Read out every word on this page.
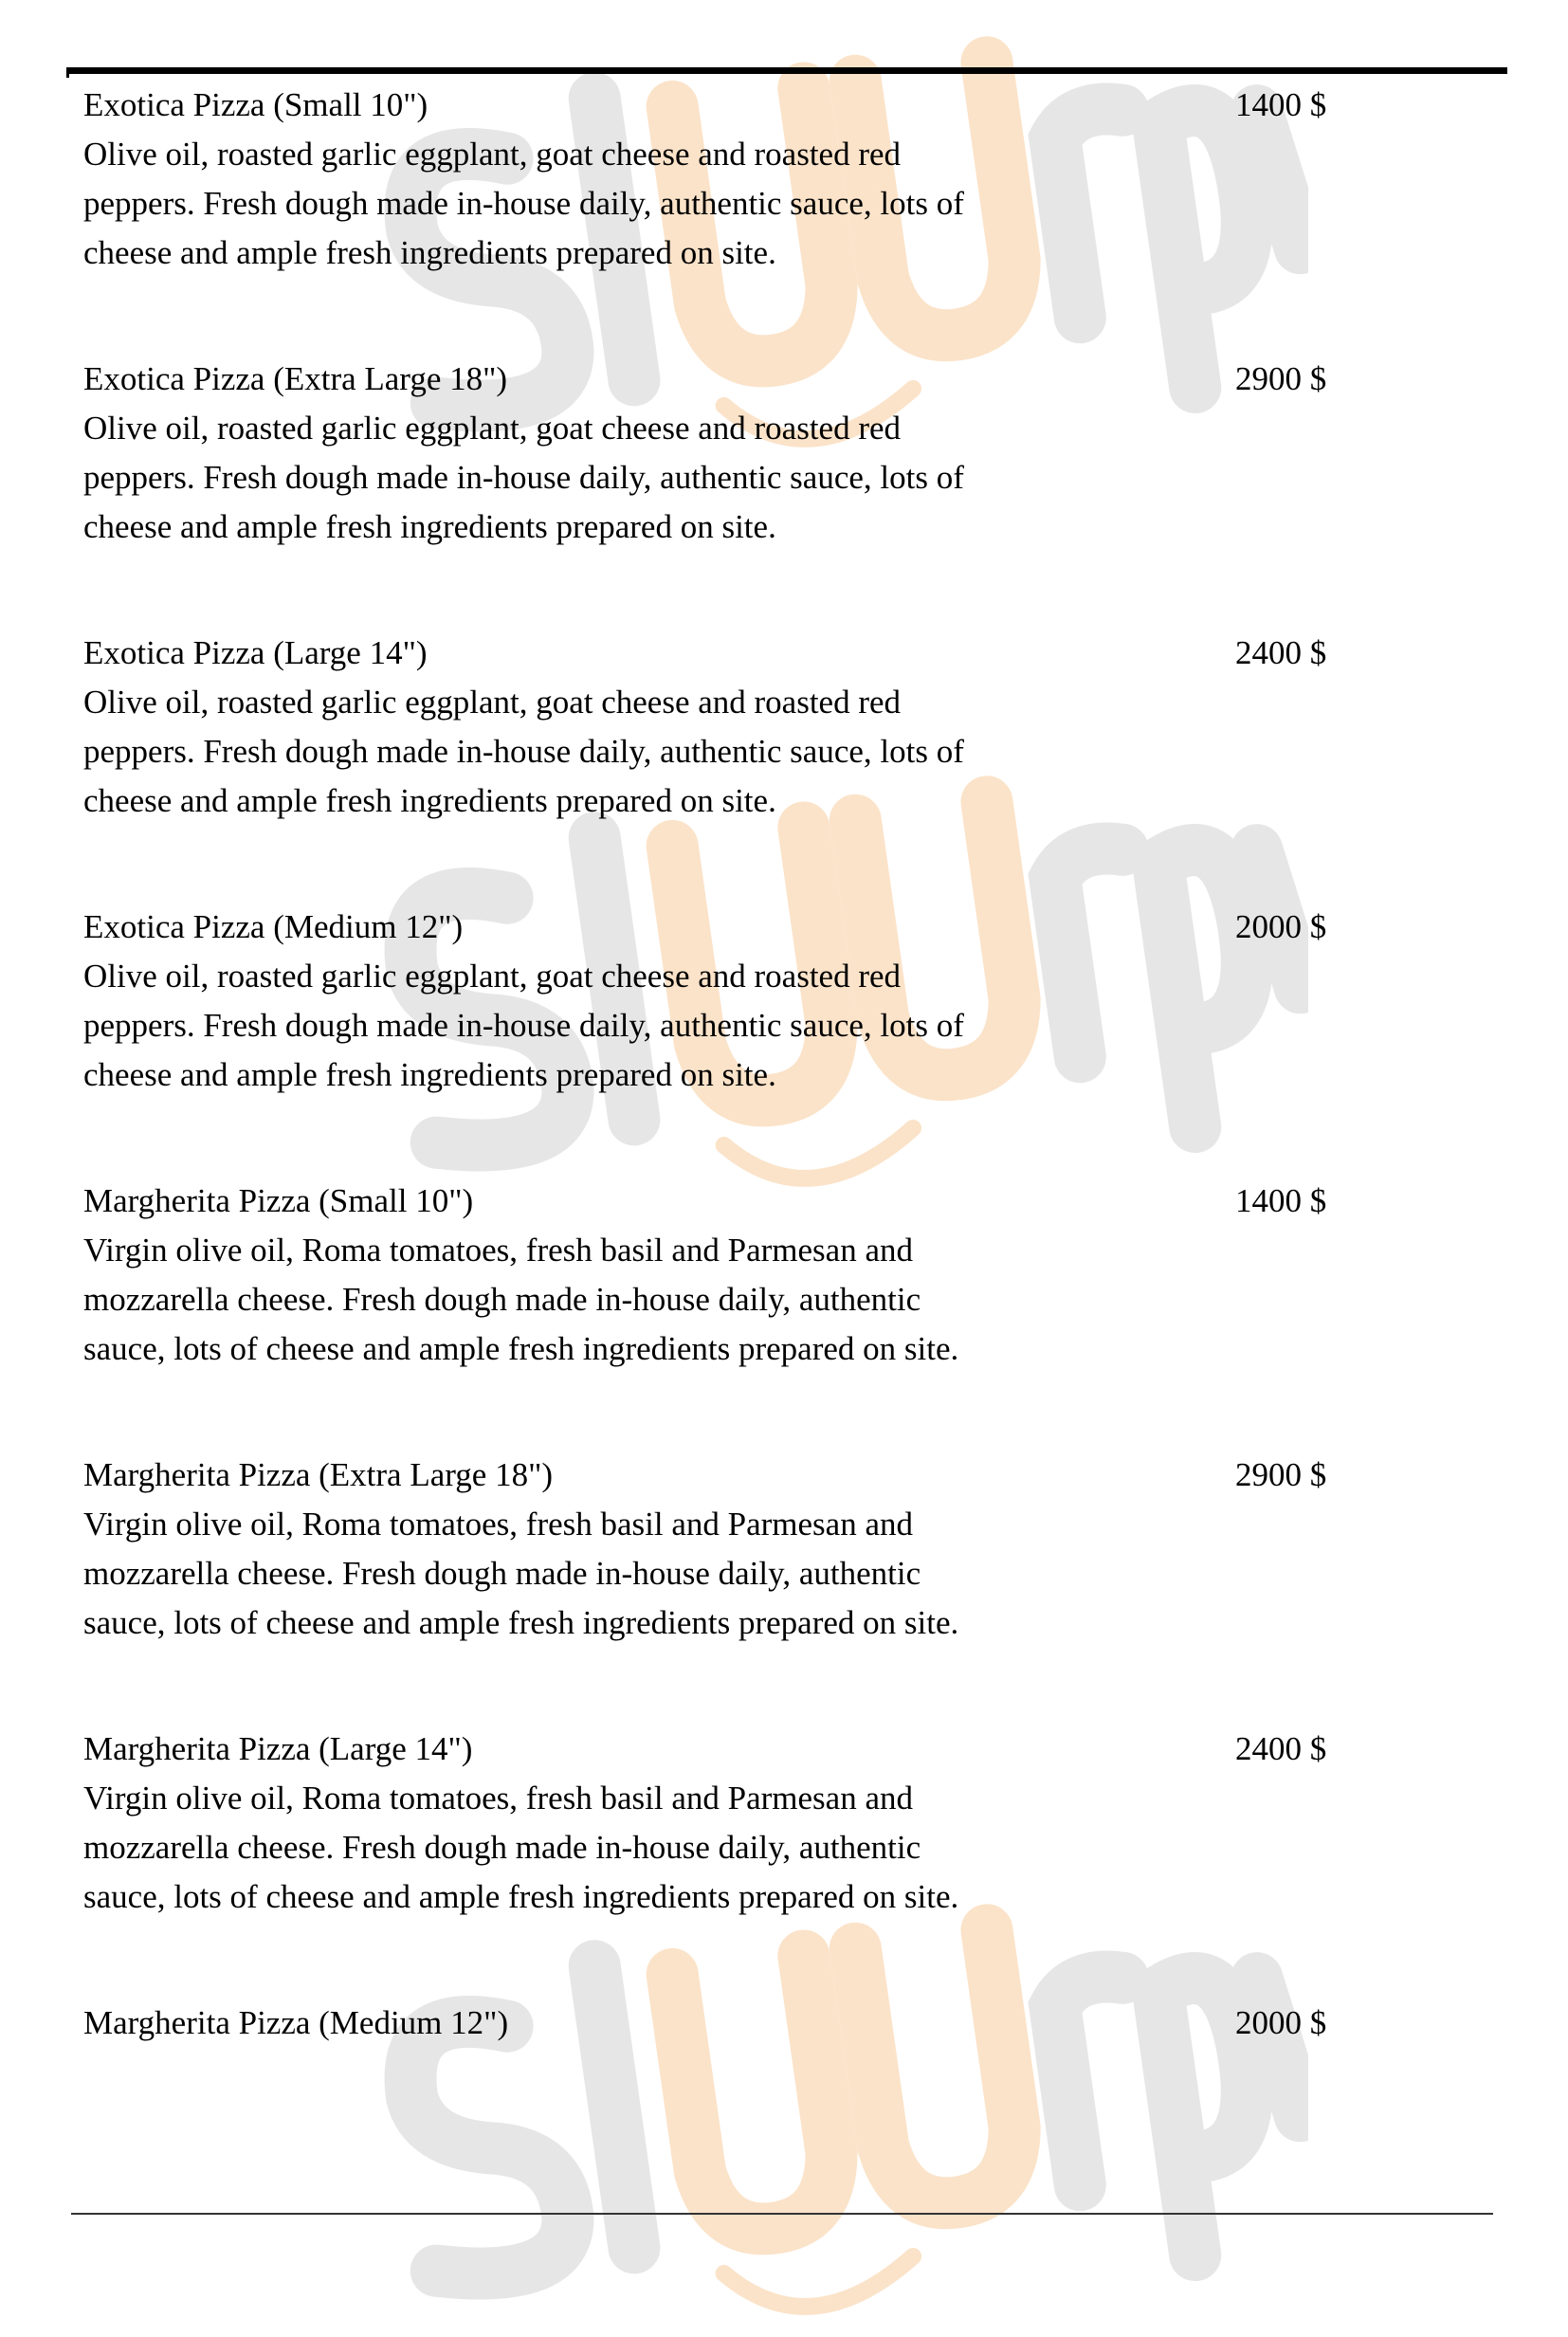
Exotica Pizza (Small 10")
Olive oil, roasted garlic eggplant, goat cheese and roasted red
peppers. Fresh dough made in-house daily, authentic sauce, lots of
cheese and ample fresh ingredients prepared on site.
1400 $
Exotica Pizza (Extra Large 18")
Olive oil, roasted garlic eggplant, goat cheese and roasted red
peppers. Fresh dough made in-house daily, authentic sauce, lots of
cheese and ample fresh ingredients prepared on site.
2900 $
Exotica Pizza (Large 14")
Olive oil, roasted garlic eggplant, goat cheese and roasted red
peppers. Fresh dough made in-house daily, authentic sauce, lots of
cheese and ample fresh ingredients prepared on site.
2400 $
Exotica Pizza (Medium 12")
Olive oil, roasted garlic eggplant, goat cheese and roasted red
peppers. Fresh dough made in-house daily, authentic sauce, lots of
cheese and ample fresh ingredients prepared on site.
2000 $
Margherita Pizza (Small 10")
Virgin olive oil, Roma tomatoes, fresh basil and Parmesan and
mozzarella cheese. Fresh dough made in-house daily, authentic
sauce, lots of cheese and ample fresh ingredients prepared on site.
1400 $
Margherita Pizza (Extra Large 18")
Virgin olive oil, Roma tomatoes, fresh basil and Parmesan and
mozzarella cheese. Fresh dough made in-house daily, authentic
sauce, lots of cheese and ample fresh ingredients prepared on site.
2900 $
Margherita Pizza (Large 14")
Virgin olive oil, Roma tomatoes, fresh basil and Parmesan and
mozzarella cheese. Fresh dough made in-house daily, authentic
sauce, lots of cheese and ample fresh ingredients prepared on site.
2400 $
Margherita Pizza (Medium 12")	2000 $
